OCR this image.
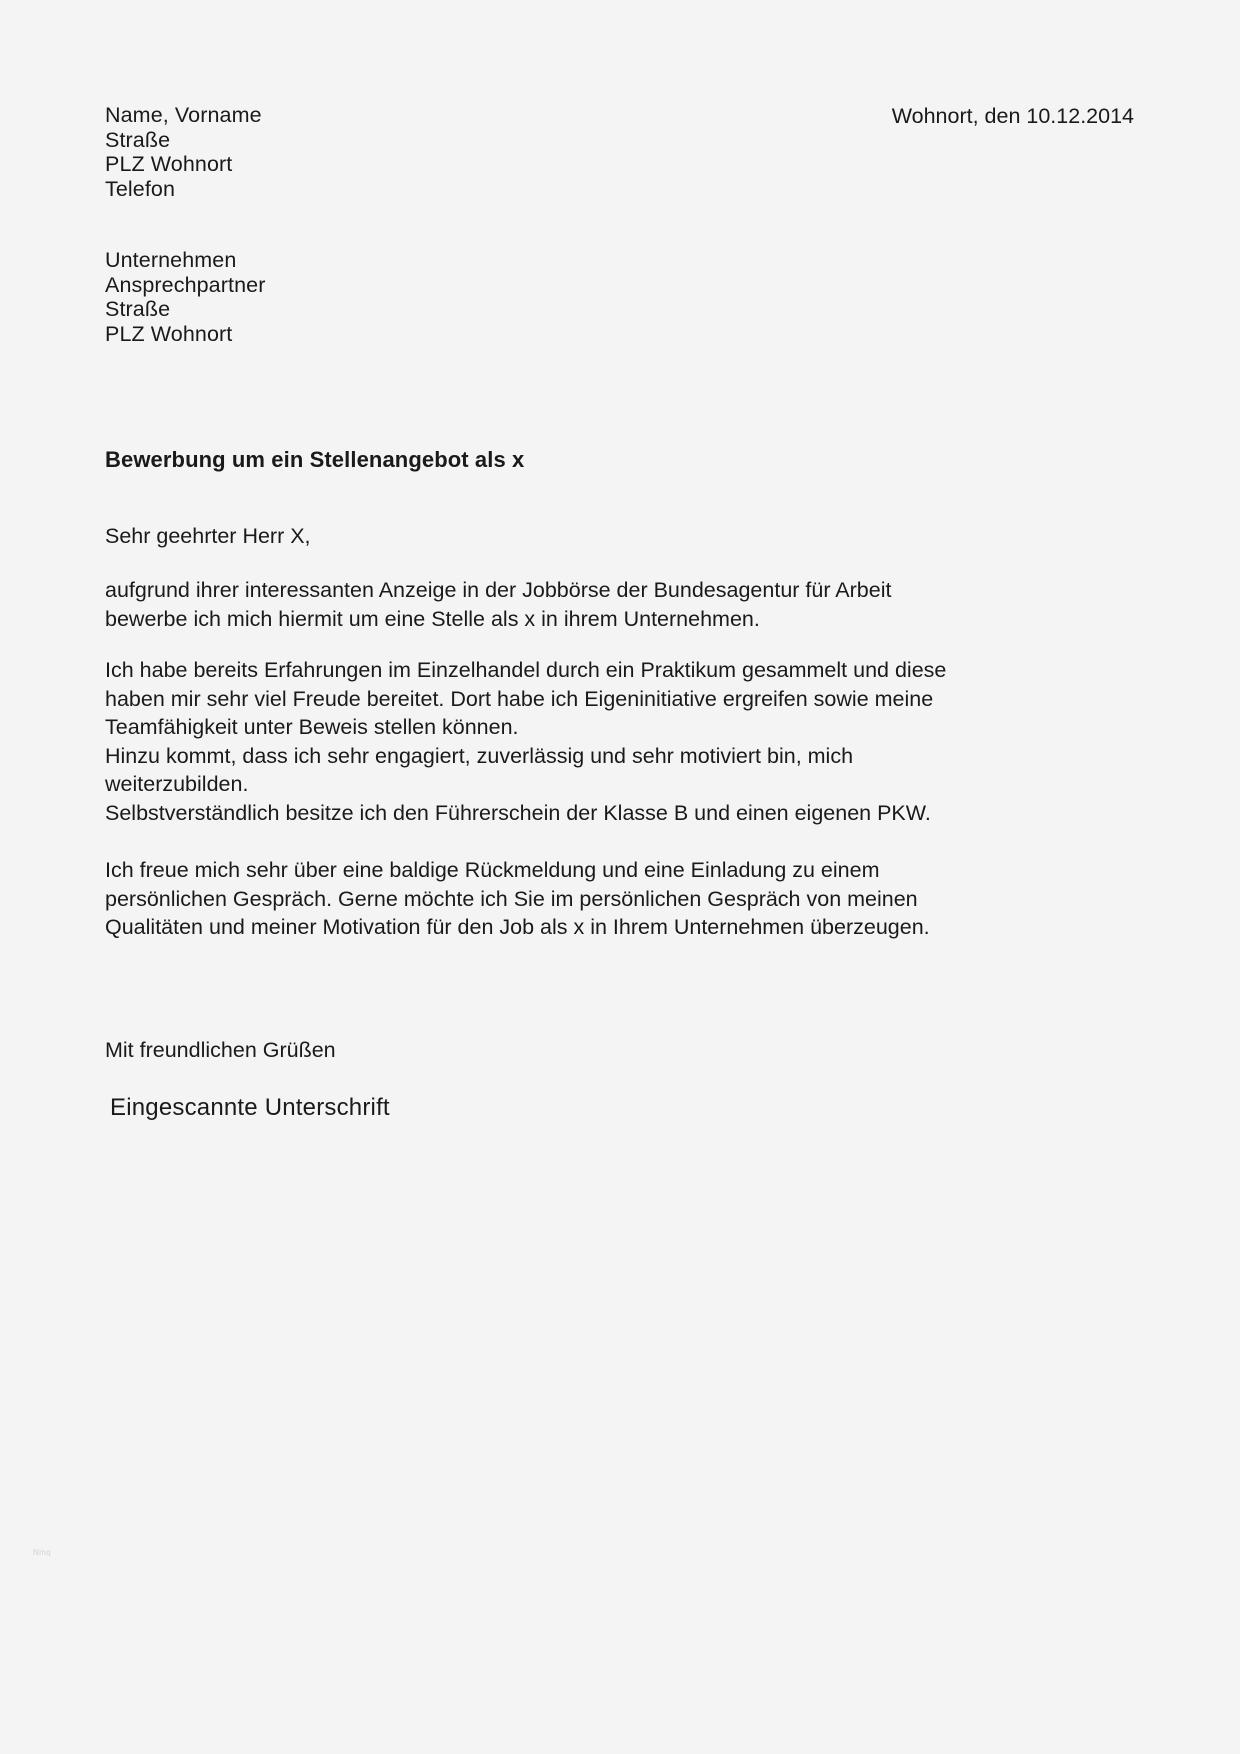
Name, Vorname
Straße
PLZ Wohnort
Telefon
Wohnort, den 10.12.2014
Unternehmen
Ansprechpartner
Straße
PLZ Wohnort
Bewerbung um ein Stellenangebot als x
Sehr geehrter Herr X,

aufgrund ihrer interessanten Anzeige in der Jobbörse der Bundesagentur für Arbeit
bewerbe ich mich hiermit um eine Stelle als x in ihrem Unternehmen.

Ich habe bereits Erfahrungen im Einzelhandel durch ein Praktikum gesammelt und diese
haben mir sehr viel Freude bereitet. Dort habe ich Eigeninitiative ergreifen sowie meine
Teamfähigkeit unter Beweis stellen können.
Hinzu kommt, dass ich sehr engagiert, zuverlässig und sehr motiviert bin, mich
weiterzubilden.
Selbstverständlich besitze ich den Führerschein der Klasse B und einen eigenen PKW.

Ich freue mich sehr über eine baldige Rückmeldung und eine Einladung zu einem
persönlichen Gespräch. Gerne möchte ich Sie im persönlichen Gespräch von meinen
Qualitäten und meiner Motivation für den Job als x in Ihrem Unternehmen überzeugen.

Mit freundlichen Grüßen
Eingescannte Unterschrift
Nmq
